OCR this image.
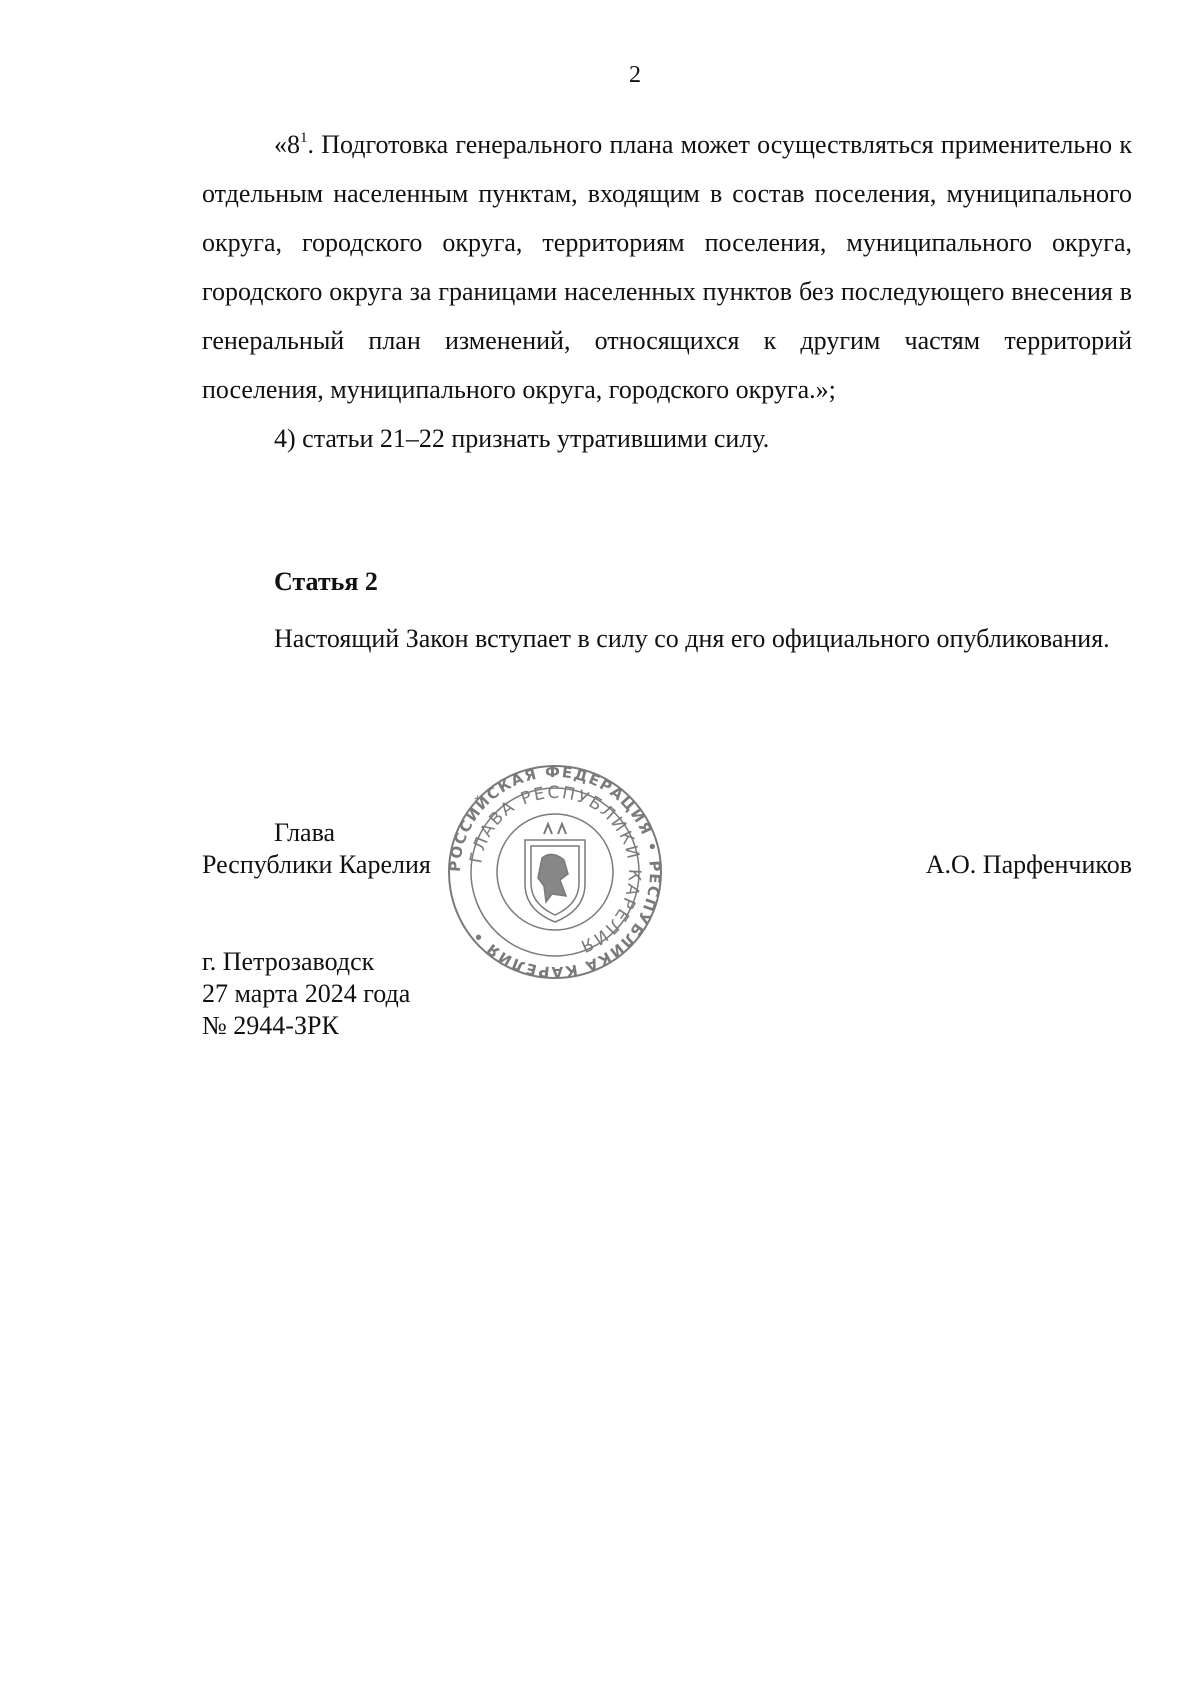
2

«$8^1$. Подготовка генерального плана может осуществляться применительно к отдельным населенным пунктам, входящим в состав поселения, муниципального округа, городского округа, территориям поселения, муниципального округа, городского округа за границами населенных пунктов без последующего внесения в генеральный план изменений, относящихся к другим частям территорий поселения, муниципального округа, городского округа.»;

4) статьи 21–22 признать утратившими силу.

Статья 2

Настоящий Закон вступает в силу со дня его официального опубликования.

Глава
Республики Карелия	А.О. Парфенчиков
г. Петрозаводск
27 марта 2024 года
№ 2944-ЗРК
РОССИЙСКАЯ ФЕДЕРАЦИЯ • РЕСПУБЛИКА КАРЕЛИЯ •
ГЛАВА РЕСПУБЛИКИ КАРЕЛИЯ
